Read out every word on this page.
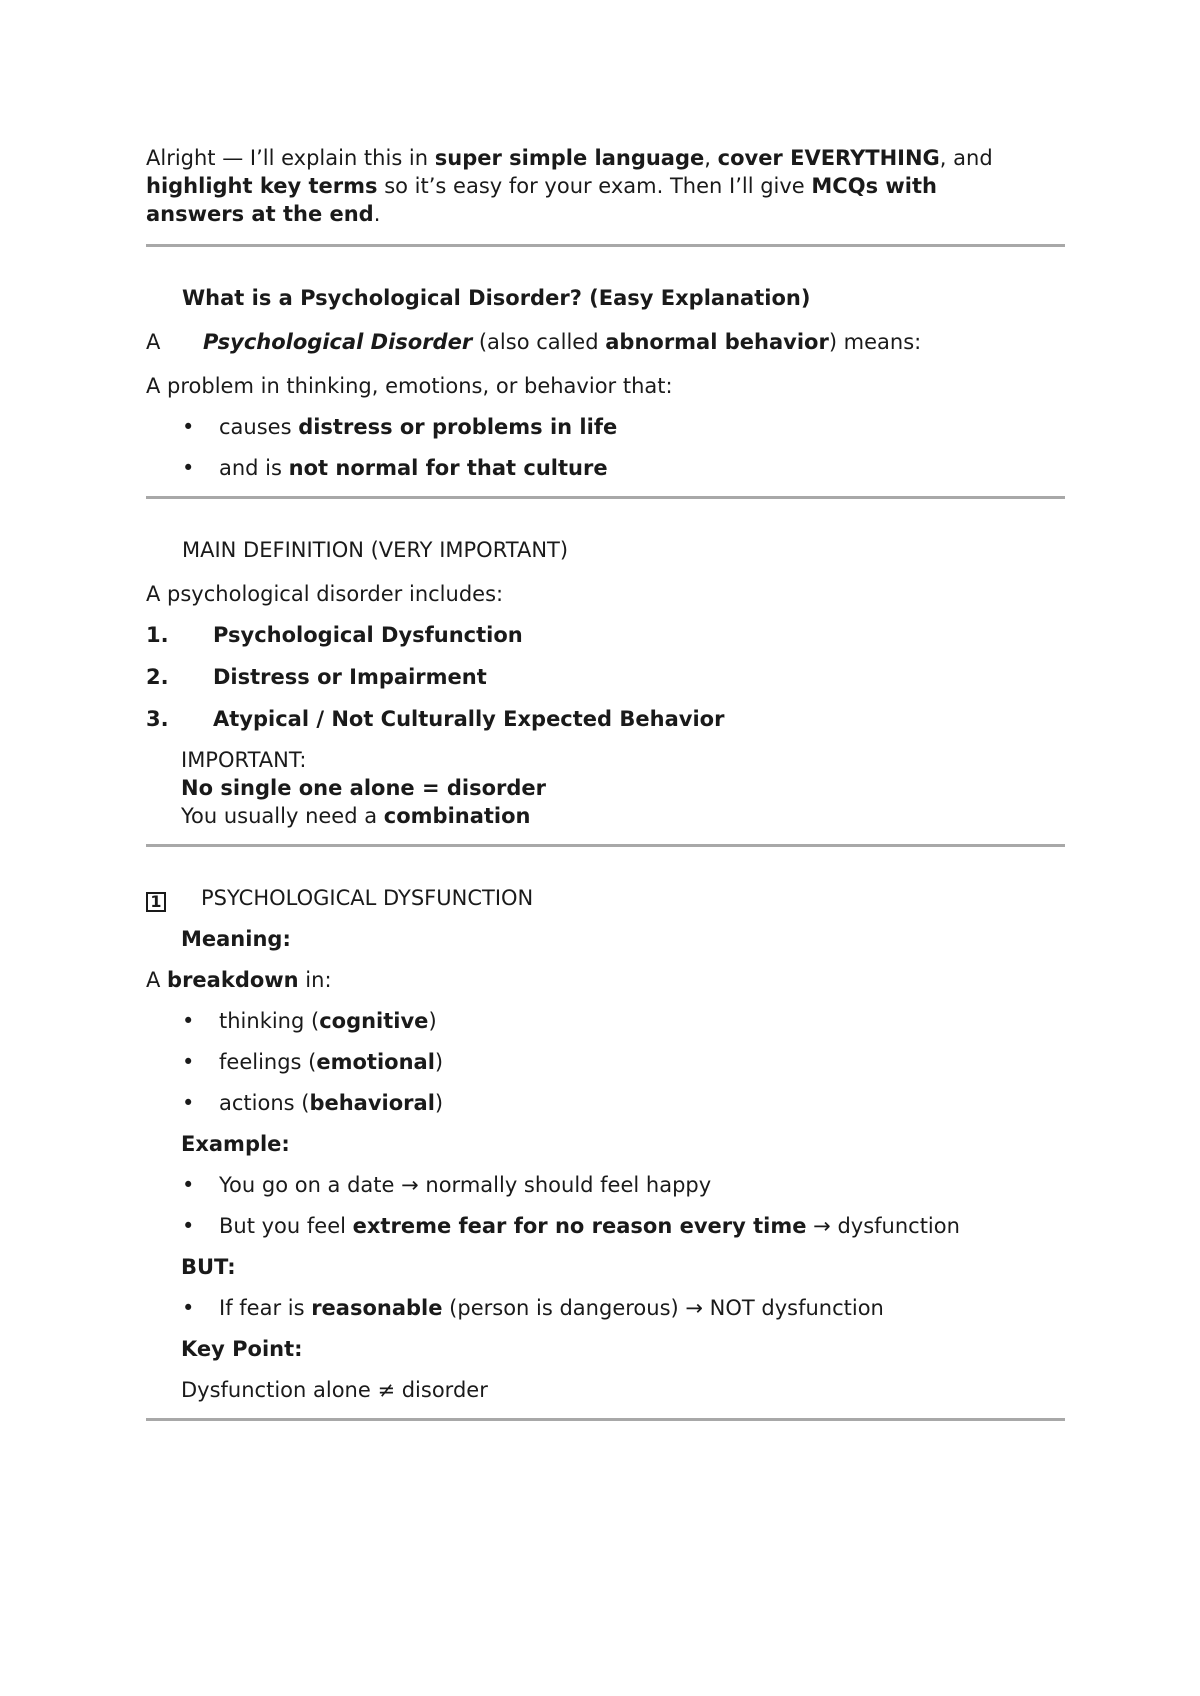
Alright — I’ll explain this in super simple language, cover EVERYTHING, and
highlight key terms so it’s easy for your exam. Then I’ll give MCQs with
answers at the end.

What is a Psychological Disorder? (Easy Explanation)

A Psychological Disorder (also called abnormal behavior) means:

A problem in thinking, emotions, or behavior that:

• causes distress or problems in life
• and is not normal for that culture

MAIN DEFINITION (VERY IMPORTANT)

A psychological disorder includes:

1. Psychological Dysfunction
2. Distress or Impairment
3. Atypical / Not Culturally Expected Behavior

IMPORTANT:

No single one alone = disorder

You usually need a combination

1 PSYCHOLOGICAL DYSFUNCTION

Meaning:

A breakdown in:

• thinking (cognitive)
• feelings (emotional)
• actions (behavioral)

Example:

• You go on a date → normally should feel happy
• But you feel extreme fear for no reason every time → dysfunction

BUT:

• If fear is reasonable (person is dangerous) → NOT dysfunction

Key Point:

Dysfunction alone ≠ disorder
